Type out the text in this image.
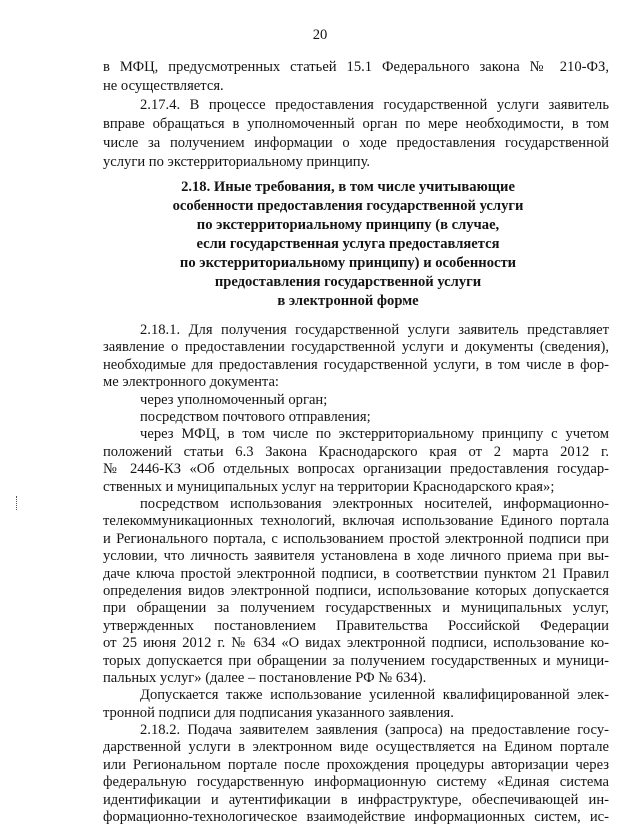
20
в МФЦ, предусмотренных статьей 15.1 Федерального закона № 210-ФЗ,
не осуществляется.
2.17.4. В процессе предоставления государственной услуги заявитель
вправе обращаться в уполномоченный орган по мере необходимости, в том
числе за получением информации о ходе предоставления государственной
услуги по экстерриториальному принципу.
2.18. Иные требования, в том числе учитывающие
особенности предоставления государственной услуги
по экстерриториальному принципу (в случае,
если государственная услуга предоставляется
по экстерриториальному принципу) и особенности
предоставления государственной услуги
в электронной форме
2.18.1. Для получения государственной услуги заявитель представляет
заявление о предоставлении государственной услуги и документы (сведения),
необходимые для предоставления государственной услуги, в том числе в фор-
ме электронного документа:
через уполномоченный орган;
посредством почтового отправления;
через МФЦ, в том числе по экстерриториальному принципу с учетом
положений статьи 6.3 Закона Краснодарского края от 2 марта 2012 г.
№ 2446-КЗ «Об отдельных вопросах организации предоставления государ-
ственных и муниципальных услуг на территории Краснодарского края»;
посредством использования электронных носителей, информационно-
телекоммуникационных технологий, включая использование Единого портала
и Регионального портала, с использованием простой электронной подписи при
условии, что личность заявителя установлена в ходе личного приема при вы-
даче ключа простой электронной подписи, в соответствии пунктом 21 Правил
определения видов электронной подписи, использование которых допускается
при обращении за получением государственных и муниципальных услуг,
утвержденных постановлением Правительства Российской Федерации
от 25 июня 2012 г. № 634 «О видах электронной подписи, использование ко-
торых допускается при обращении за получением государственных и муници-
пальных услуг» (далее – постановление РФ № 634).
Допускается также использование усиленной квалифицированной элек-
тронной подписи для подписания указанного заявления.
2.18.2. Подача заявителем заявления (запроса) на предоставление госу-
дарственной услуги в электронном виде осуществляется на Едином портале
или Региональном портале после прохождения процедуры авторизации через
федеральную государственную информационную систему «Единая система
идентификации и аутентификации в инфраструктуре, обеспечивающей ин-
формационно-технологическое взаимодействие информационных систем, ис-
